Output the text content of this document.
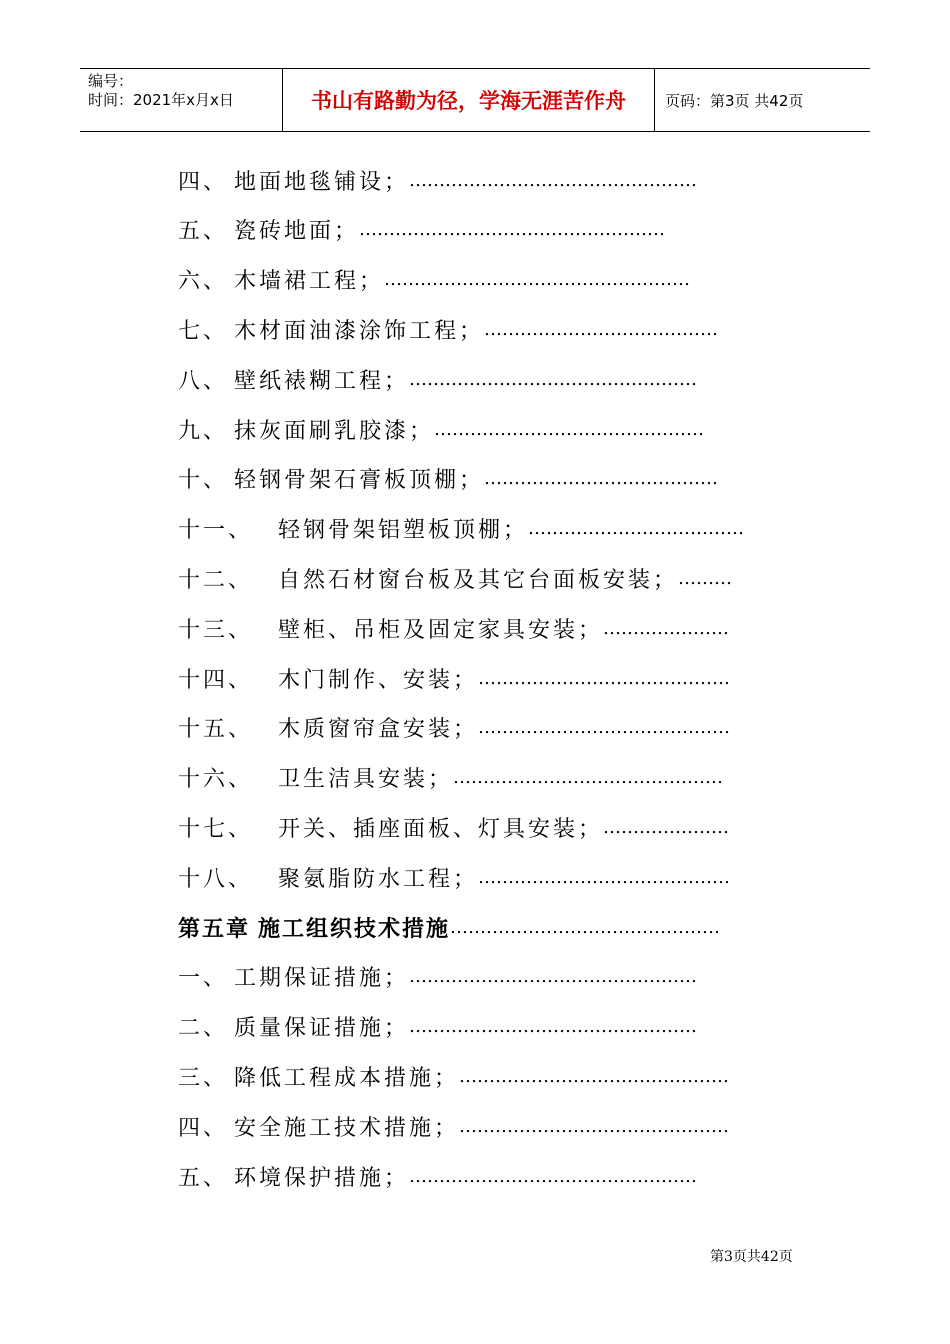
编号：
时间：2021年x月x日	书山有路勤为径，学海无涯苦作舟	页码：第3页 共42页
四、 地面地毯铺设； …………………………………………
五、 瓷砖地面； ……………………………………………
六、 木墙裙工程； ……………………………………………
七、 木材面油漆涂饰工程； …………………………………
八、 壁纸裱糊工程； …………………………………………
九、 抹灰面刷乳胶漆； ………………………………………
十、 轻钢骨架石膏板顶棚； …………………………………
十一、	轻钢骨架铝塑板顶棚； ………………………………
十二、	自然石材窗台板及其它台面板安装； ………
十三、	壁柜、吊柜及固定家具安装； …………………
十四、	木门制作、安装； ……………………………………
十五、	木质窗帘盒安装； ……………………………………
十六、	卫生洁具安装； ………………………………………
十七、	开关、插座面板、灯具安装； …………………
十八、	聚氨脂防水工程； ……………………………………
第五章 施工组织技术措施 ………………………………………
一、 工期保证措施； …………………………………………
二、 质量保证措施； …………………………………………
三、 降低工程成本措施； ………………………………………
四、 安全施工技术措施； ………………………………………
五、 环境保护措施； …………………………………………
第3页共42页
